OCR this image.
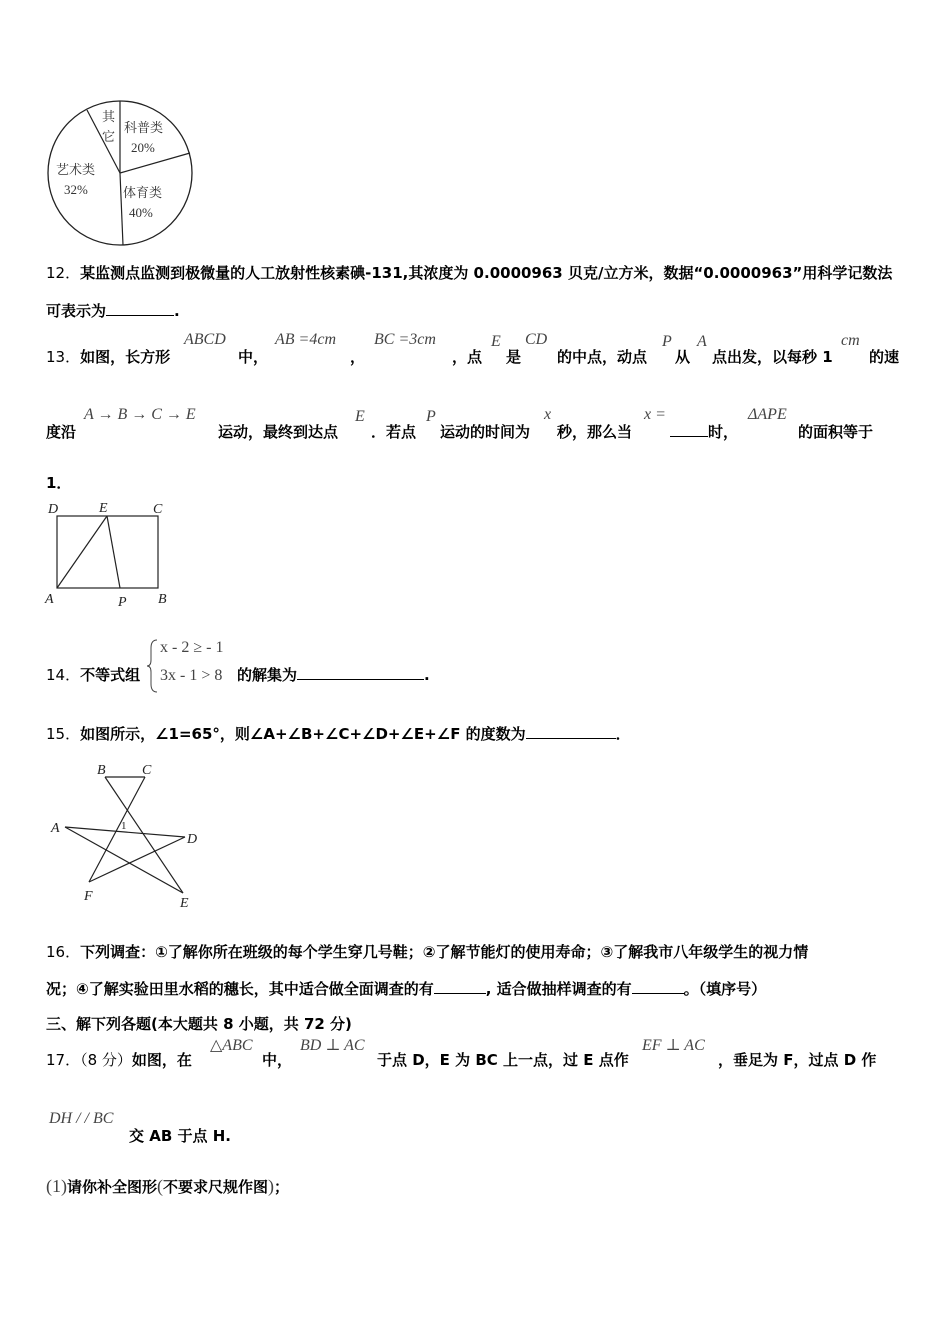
其
它
科普类
20%
艺术类
32%	体育类
40%
12．某监测点监测到极微量的人工放射性核素碘-131,其浓度为 0.0000963 贝克/立方米，数据“0.0000963”用科学记数法
可表示为	.
13．如图，长方形
ABCD
中，
AB =4cm
，
BC =3cm
，点
E
是
CD
的中点，动点
P
从
A
点出发，以每秒 1
cm
的速
度沿
A → B → C → E
运动，最终到达点
E
．若点
P
运动的时间为
x
秒，那么当
x =
时，
ΔAPE
的面积等于
1．
D	E	C
A	P B
14．不等式组
x - 2 ≥ - 1
3x - 1 > 8 的解集为	.
15．如图所示，∠1=65°，则∠A+∠B+∠C+∠D+∠E+∠F 的度数为	．
B	C
A	1
D
F	E
16．下列调查：①了解你所在班级的每个学生穿几号鞋；②了解节能灯的使用寿命；③了解我市八年级学生的视力情
况；④了解实验田里水稻的穗长，其中适合做全面调查的有	, 适合做抽样调查的有	。（填序号）
三、解下列各题(本大题共 8 小题，共 72 分)
17．（8 分）如图，在
△ABC
中，
BD ⊥ AC
于点 D，E 为 BC 上一点，过 E 点作
EF ⊥ AC
，垂足为 F，过点 D 作
DH / / BC
交 AB 于点 H.
(1)请你补全图形(不要求尺规作图)；
